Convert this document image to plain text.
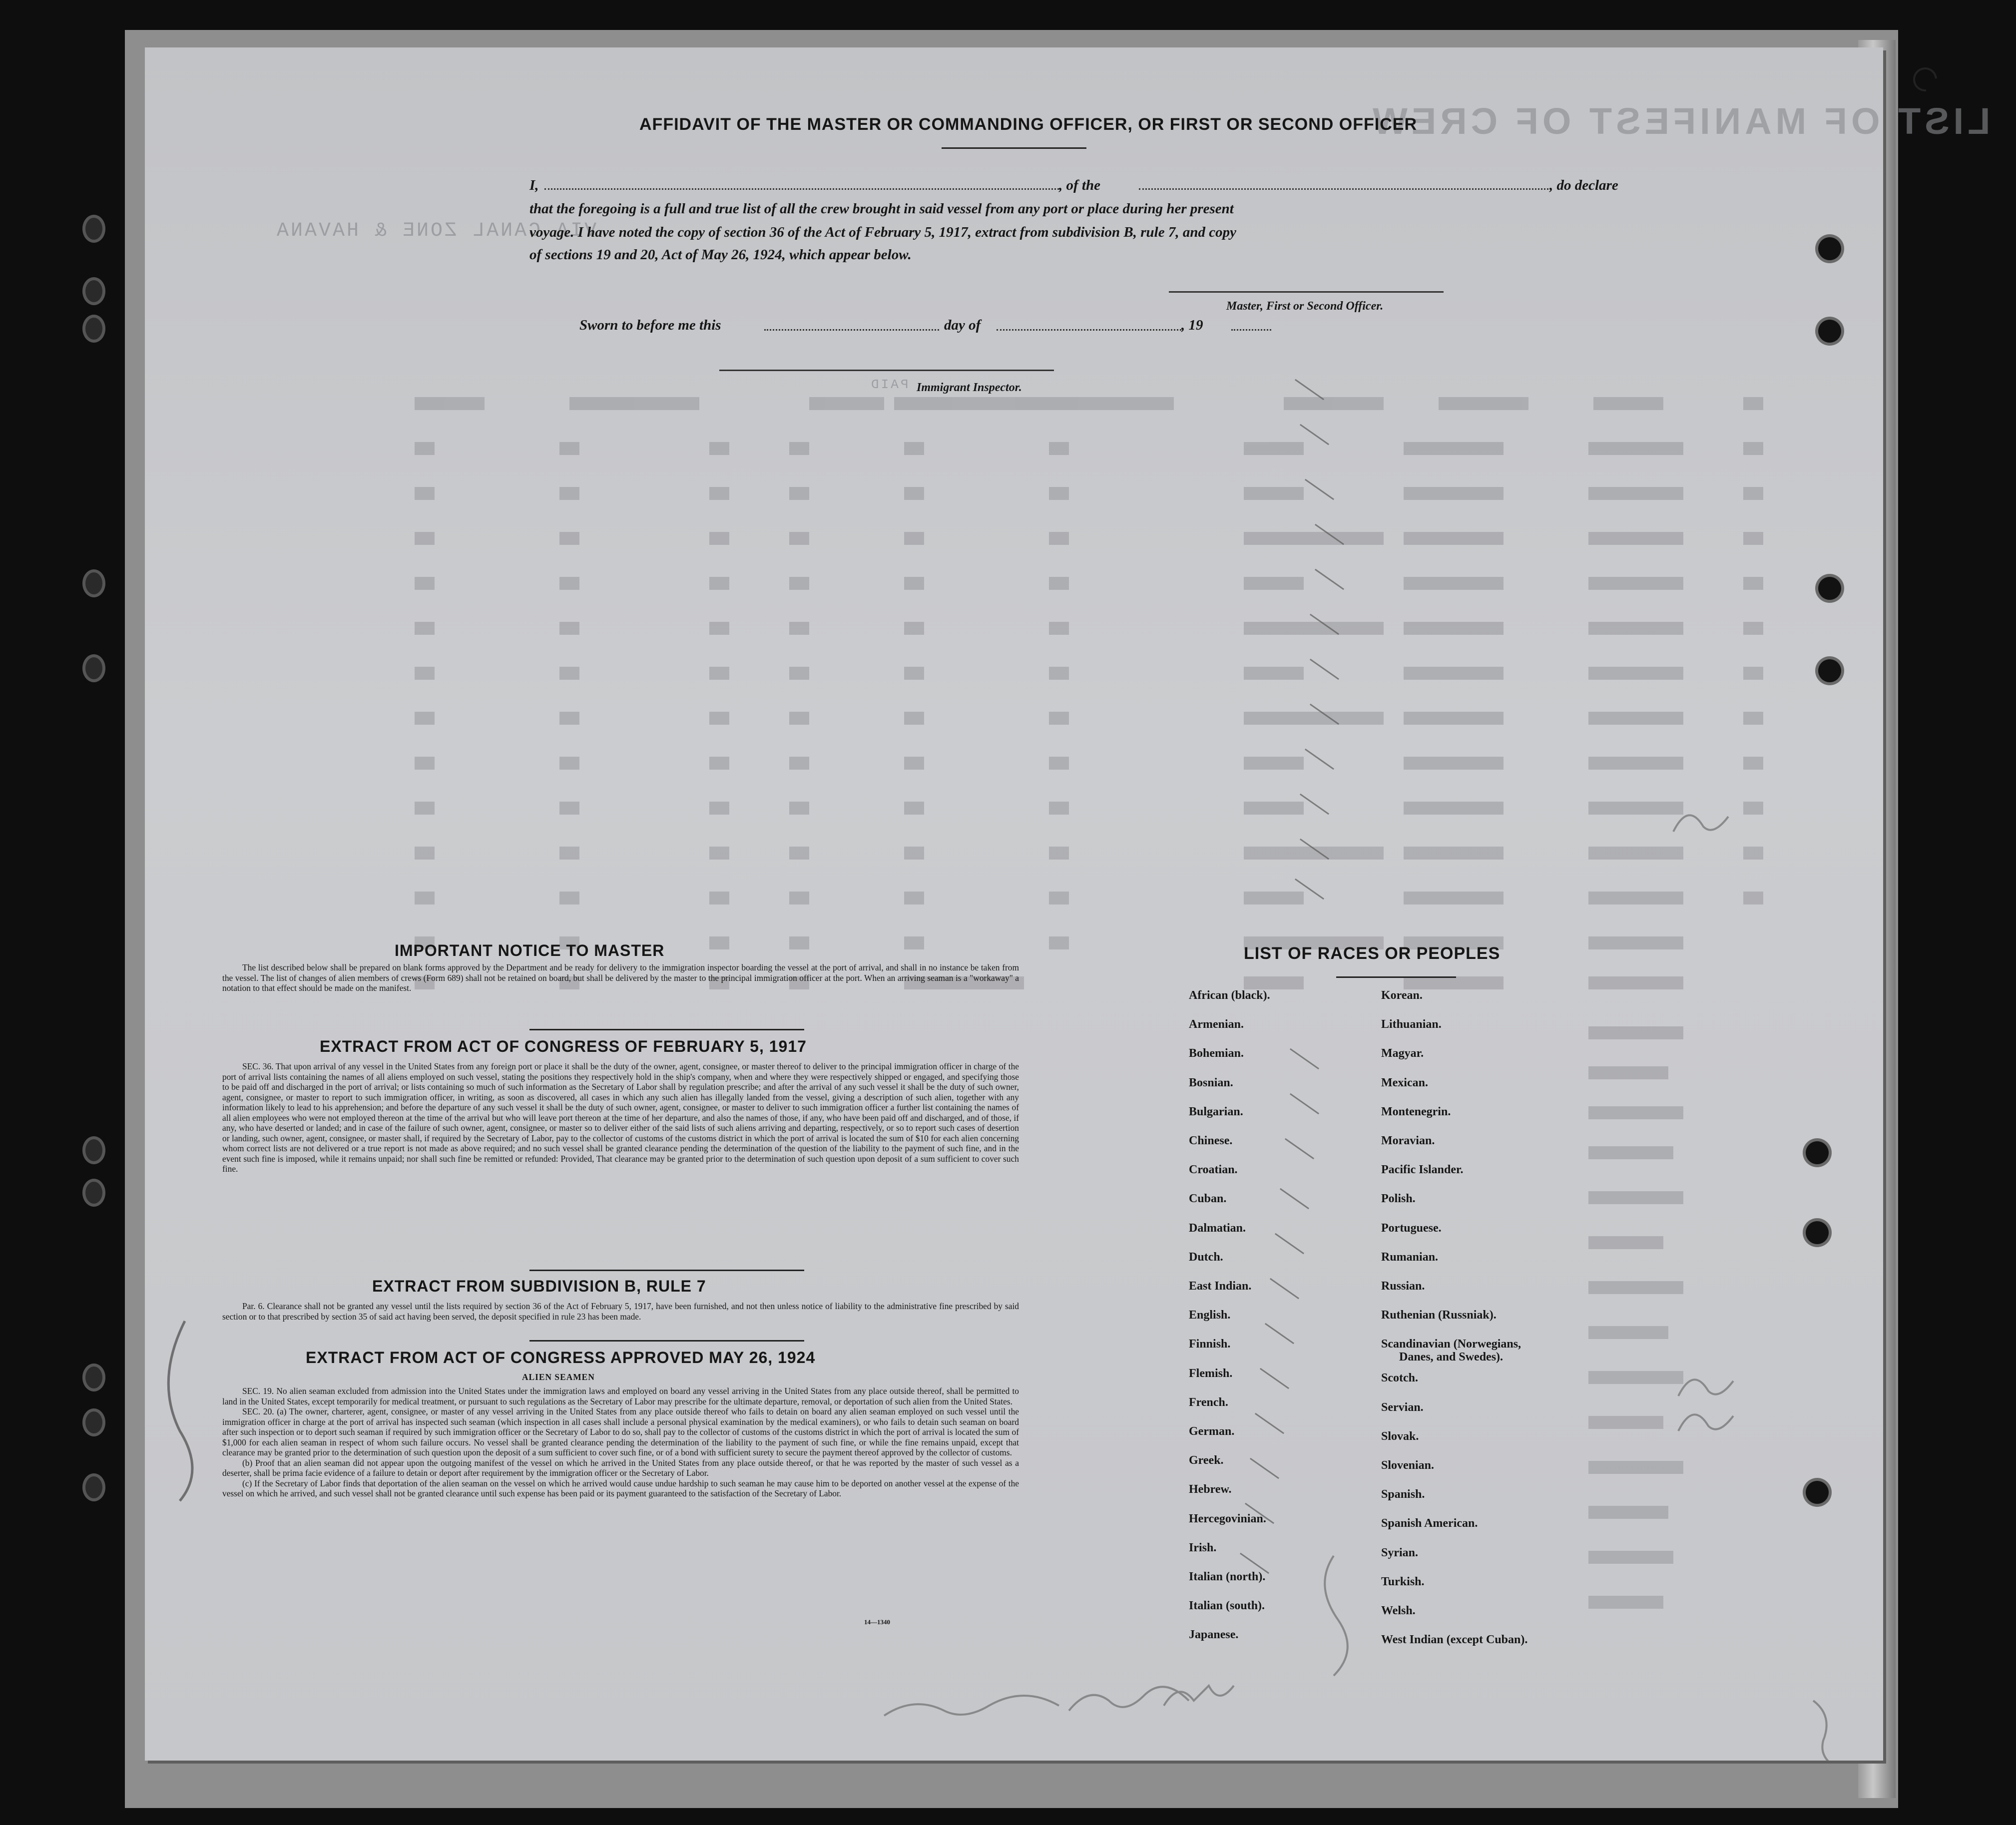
LIST OF MANIFEST OF CREW
VIA CANAL ZONE & HAVANA
PAID
AFFIDAVIT OF THE MASTER OR COMMANDING OFFICER, OR FIRST OR SECOND OFFICER
I,	, of the	, do declare
that the foregoing is a full and true list of all the crew brought in said vessel from any port or place during her present
voyage. I have noted the copy of section 36 of the Act of February 5, 1917, extract from subdivision B, rule 7, and copy
of sections 19 and 20, Act of May 26, 1924, which appear below.
Master, First or Second Officer.
Sworn to before me this	day of	, 19
Immigrant Inspector.
IMPORTANT NOTICE TO MASTER

The list described below shall be prepared on blank forms approved by the Department and be ready for delivery to the immigration inspector boarding the vessel at the port of arrival, and shall in no instance be taken from the vessel. The list of changes of alien members of crews (Form 689) shall not be retained on board, but shall be delivered by the master to the principal immigration officer at the port. When an arriving seaman is a "workaway" a notation to that effect should be made on the manifest.

EXTRACT FROM ACT OF CONGRESS OF FEBRUARY 5, 1917

SEC. 36. That upon arrival of any vessel in the United States from any foreign port or place it shall be the duty of the owner, agent, consignee, or master thereof to deliver to the principal immigration officer in charge of the port of arrival lists containing the names of all aliens employed on such vessel, stating the positions they respectively hold in the ship's company, when and where they were respectively shipped or engaged, and specifying those to be paid off and discharged in the port of arrival; or lists containing so much of such information as the Secretary of Labor shall by regulation prescribe; and after the arrival of any such vessel it shall be the duty of such owner, agent, consignee, or master to report to such immigration officer, in writing, as soon as discovered, all cases in which any such alien has illegally landed from the vessel, giving a description of such alien, together with any information likely to lead to his apprehension; and before the departure of any such vessel it shall be the duty of such owner, agent, consignee, or master to deliver to such immigration officer a further list containing the names of all alien employees who were not employed thereon at the time of the arrival but who will leave port thereon at the time of her departure, and also the names of those, if any, who have been paid off and discharged, and of those, if any, who have deserted or landed; and in case of the failure of such owner, agent, consignee, or master so to deliver either of the said lists of such aliens arriving and departing, respectively, or so to report such cases of desertion or landing, such owner, agent, consignee, or master shall, if required by the Secretary of Labor, pay to the collector of customs of the customs district in which the port of arrival is located the sum of $10 for each alien concerning whom correct lists are not delivered or a true report is not made as above required; and no such vessel shall be granted clearance pending the determination of the question of the liability to the payment of such fine, and in the event such fine is imposed, while it remains unpaid; nor shall such fine be remitted or refunded: Provided, That clearance may be granted prior to the determination of such question upon deposit of a sum sufficient to cover such fine.

EXTRACT FROM SUBDIVISION B, RULE 7

Par. 6. Clearance shall not be granted any vessel until the lists required by section 36 of the Act of February 5, 1917, have been furnished, and not then unless notice of liability to the administrative fine prescribed by said section or to that prescribed by section 35 of said act having been served, the deposit specified in rule 23 has been made.

EXTRACT FROM ACT OF CONGRESS APPROVED MAY 26, 1924
ALIEN SEAMEN

SEC. 19. No alien seaman excluded from admission into the United States under the immigration laws and employed on board any vessel arriving in the United States from any place outside thereof, shall be permitted to land in the United States, except temporarily for medical treatment, or pursuant to such regulations as the Secretary of Labor may prescribe for the ultimate departure, removal, or deportation of such alien from the United States.

SEC. 20. (a) The owner, charterer, agent, consignee, or master of any vessel arriving in the United States from any place outside thereof who fails to detain on board any alien seaman employed on such vessel until the immigration officer in charge at the port of arrival has inspected such seaman (which inspection in all cases shall include a personal physical examination by the medical examiners), or who fails to detain such seaman on board after such inspection or to deport such seaman if required by such immigration officer or the Secretary of Labor to do so, shall pay to the collector of customs of the customs district in which the port of arrival is located the sum of $1,000 for each alien seaman in respect of whom such failure occurs. No vessel shall be granted clearance pending the determination of the liability to the payment of such fine, or while the fine remains unpaid, except that clearance may be granted prior to the determination of such question upon the deposit of a sum sufficient to cover such fine, or of a bond with sufficient surety to secure the payment thereof approved by the collector of customs.

(b) Proof that an alien seaman did not appear upon the outgoing manifest of the vessel on which he arrived in the United States from any place outside thereof, or that he was reported by the master of such vessel as a deserter, shall be prima facie evidence of a failure to detain or deport after requirement by the immigration officer or the Secretary of Labor.

(c) If the Secretary of Labor finds that deportation of the alien seaman on the vessel on which he arrived would cause undue hardship to such seaman he may cause him to be deported on another vessel at the expense of the vessel on which he arrived, and such vessel shall not be granted clearance until such expense has been paid or its payment guaranteed to the satisfaction of the Secretary of Labor.

14—1340
LIST OF RACES OR PEOPLES
African (black).
Armenian.
Bohemian.
Bosnian.
Bulgarian.
Chinese.
Croatian.
Cuban.
Dalmatian.
Dutch.
East Indian.
English.
Finnish.
Flemish.
French.
German.
Greek.
Hebrew.
Hercegovinian.
Irish.
Italian (north).
Italian (south).
Japanese.
Korean.
Lithuanian.
Magyar.
Mexican.
Montenegrin.
Moravian.
Pacific Islander.
Polish.
Portuguese.
Rumanian.
Russian.
Ruthenian (Russniak).
Scandinavian (Norwegians,
Danes, and Swedes).
Scotch.
Servian.
Slovak.
Slovenian.
Spanish.
Spanish American.
Syrian.
Turkish.
Welsh.
West Indian (except Cuban).
